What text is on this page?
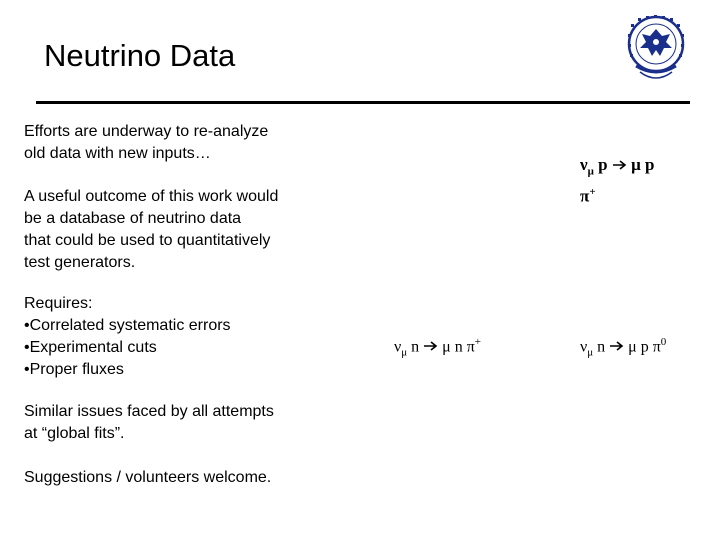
Neutrino Data
Efforts are underway to re-analyze
old data with new inputs…
A useful outcome of this work would
be a database of neutrino data
that could be used to quantitatively
test generators.
Requires:
•Correlated systematic errors
•Experimental cuts
•Proper fluxes
Similar issues faced by all attempts
at “global fits”.
Suggestions / volunteers welcome.
$\nu_\mu$ p μ p
π+
$\nu_\mu$ n μ n π+	$\nu_\mu$ n μ p $\pi^0$
